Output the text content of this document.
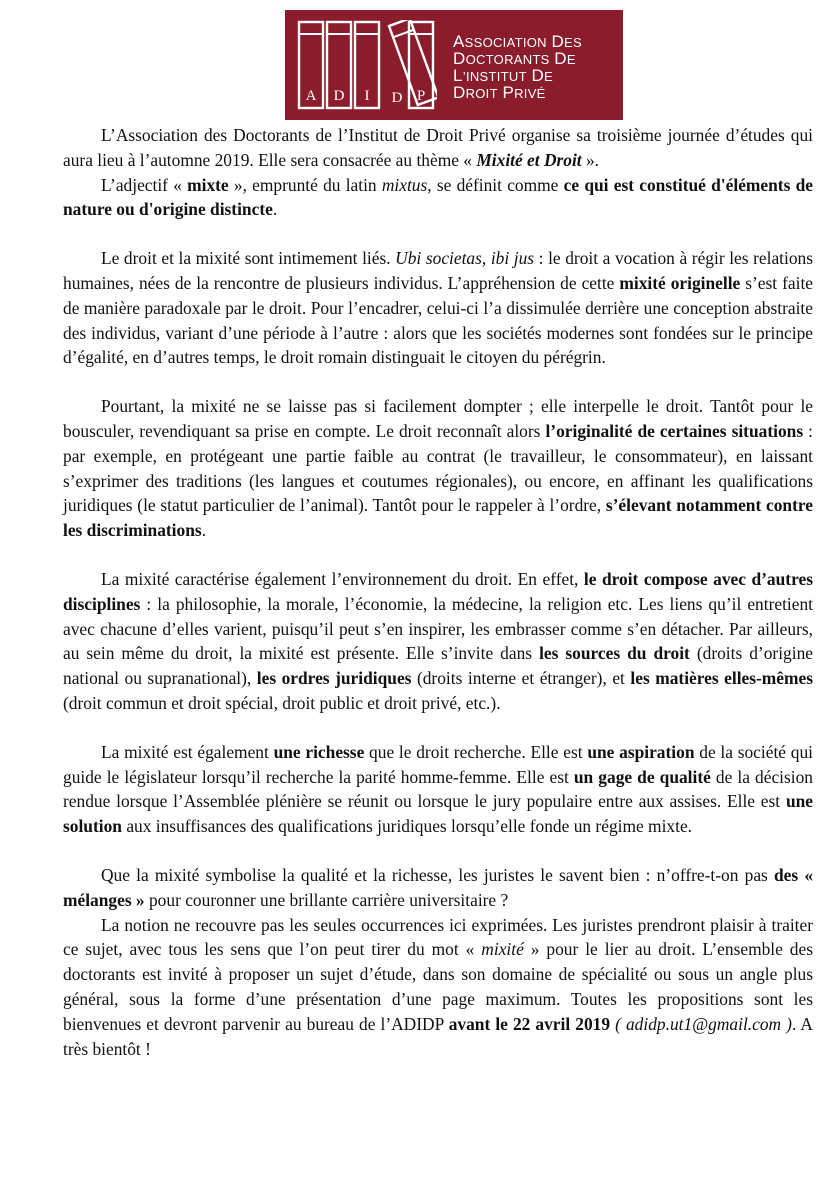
A D I D P
ASSOCIATION DES
DOCTORANTS DE
L’INSTITUT DE
DROIT PRIVÉ

L’Association des Doctorants de l’Institut de Droit Privé organise sa troisième journée d’études qui aura lieu à l’automne 2019. Elle sera consacrée au thème « Mixité et Droit ».

L’adjectif « mixte », emprunté du latin mixtus, se définit comme ce qui est constitué d'éléments de nature ou d'origine distincte.

Le droit et la mixité sont intimement liés. Ubi societas, ibi jus : le droit a vocation à régir les relations humaines, nées de la rencontre de plusieurs individus. L’appréhension de cette mixité originelle s’est faite de manière paradoxale par le droit. Pour l’encadrer, celui-ci l’a dissimulée derrière une conception abstraite des individus, variant d’une période à l’autre : alors que les sociétés modernes sont fondées sur le principe d’égalité, en d’autres temps, le droit romain distinguait le citoyen du pérégrin.

Pourtant, la mixité ne se laisse pas si facilement dompter ; elle interpelle le droit. Tantôt pour le bousculer, revendiquant sa prise en compte. Le droit reconnaît alors l’originalité de certaines situations : par exemple, en protégeant une partie faible au contrat (le travailleur, le consommateur), en laissant s’exprimer des traditions (les langues et coutumes régionales), ou encore, en affinant les qualifications juridiques (le statut particulier de l’animal). Tantôt pour le rappeler à l’ordre, s’élevant notamment contre les discriminations.

La mixité caractérise également l’environnement du droit. En effet, le droit compose avec d’autres disciplines : la philosophie, la morale, l’économie, la médecine, la religion etc. Les liens qu’il entretient avec chacune d’elles varient, puisqu’il peut s’en inspirer, les embrasser comme s’en détacher. Par ailleurs, au sein même du droit, la mixité est présente. Elle s’invite dans les sources du droit (droits d’origine national ou supranational), les ordres juridiques (droits interne et étranger), et les matières elles-mêmes (droit commun et droit spécial, droit public et droit privé, etc.).

La mixité est également une richesse que le droit recherche. Elle est une aspiration de la société qui guide le législateur lorsqu’il recherche la parité homme-femme. Elle est un gage de qualité de la décision rendue lorsque l’Assemblée plénière se réunit ou lorsque le jury populaire entre aux assises. Elle est une solution aux insuffisances des qualifications juridiques lorsqu’elle fonde un régime mixte.

Que la mixité symbolise la qualité et la richesse, les juristes le savent bien : n’offre-t-on pas des « mélanges » pour couronner une brillante carrière universitaire ?

La notion ne recouvre pas les seules occurrences ici exprimées. Les juristes prendront plaisir à traiter ce sujet, avec tous les sens que l’on peut tirer du mot « mixité » pour le lier au droit. L’ensemble des doctorants est invité à proposer un sujet d’étude, dans son domaine de spécialité ou sous un angle plus général, sous la forme d’une présentation d’une page maximum. Toutes les propositions sont les bienvenues et devront parvenir au bureau de l’ADIDP avant le 22 avril 2019 ( adidp.ut1@gmail.com ). A très bientôt !
